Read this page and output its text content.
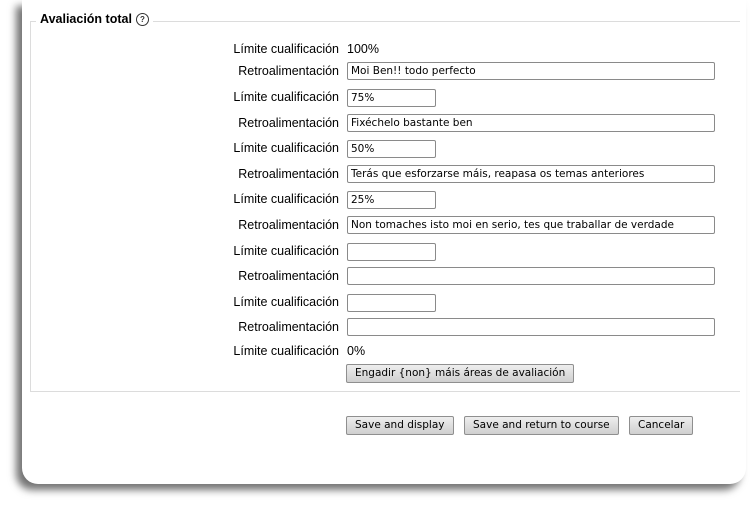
Avaliación total	?
Límite cualificación 100%
Retroalimentación	Moi Ben!! todo perfecto
Límite cualificación	75%
Retroalimentación	Fixéchelo bastante ben
Límite cualificación	50%
Retroalimentación	Terás que esforzarse máis, reapasa os temas anteriores
Límite cualificación	25%
Retroalimentación	Non tomaches isto moi en serio, tes que traballar de verdade
Límite cualificación
Retroalimentación
Límite cualificación
Retroalimentación
Límite cualificación 0%
Engadir {non} máis áreas de avaliación
Save and display	Save and return to course	Cancelar
